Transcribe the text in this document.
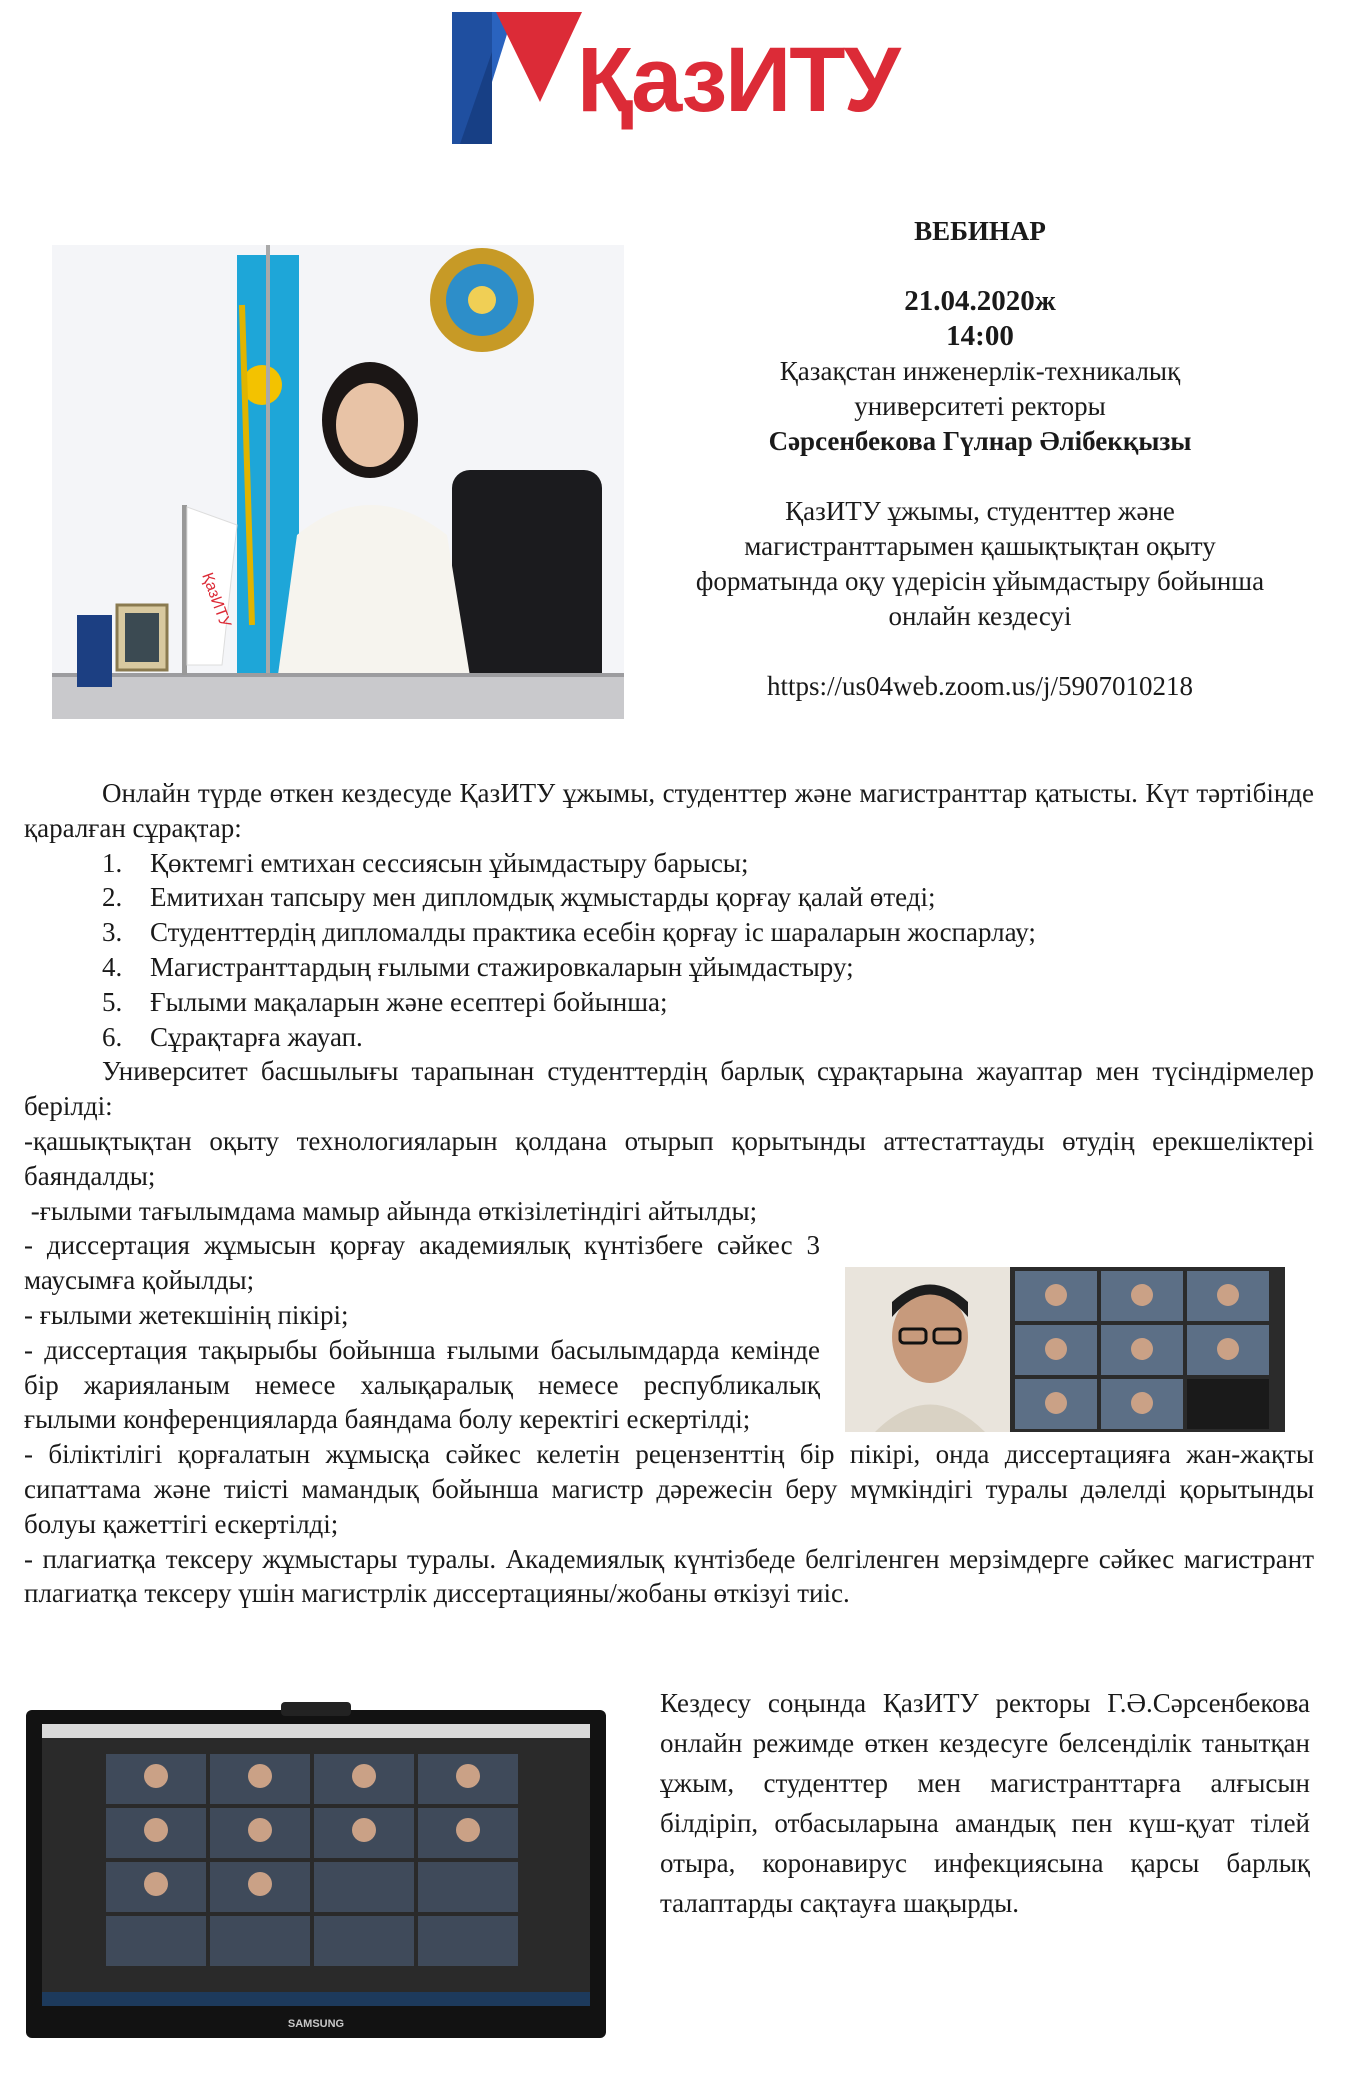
ҚазИТУ
ҚазИТУ
ВЕБИНАР
21.04.2020ж
14:00
Қазақстан инженерлік-техникалық
университеті ректоры
Сәрсенбекова Гүлнар Әлібекқызы
ҚазИТУ ұжымы, студенттер және
магистранттарымен қашықтықтан оқыту
форматында оқу үдерісін ұйымдастыру бойынша
онлайн кездесуі
https://us04web.zoom.us/j/5907010218

Онлайн түрде өткен кездесуде ҚазИТУ ұжымы, студенттер және магистранттар қатысты. Күт тәртібінде қаралған сұрақтар:

1. Қөктемгі емтихан сессиясын ұйымдастыру барысы;
2. Емитихан тапсыру мен дипломдық жұмыстарды қорғау қалай өтеді;
3. Студенттердің дипломалды практика есебін қорғау іс шараларын жоспарлау;
4. Магистранттардың ғылыми стажировкаларын ұйымдастыру;
5. Ғылыми мақаларын және есептері бойынша;
6. Сұрақтарға жауап.

Университет басшылығы тарапынан студенттердің барлық сұрақтарына жауаптар мен түсіндірмелер берілді:

-қашықтықтан оқыту технологияларын қолдана отырып қорытынды аттестаттауды өтудің ерекшеліктері баяндалды;

-ғылыми тағылымдама мамыр айында өткізілетіндігі айтылды;

- диссертация жұмысын қорғау академиялық күнтізбеге сәйкес 3 маусымға қойылды;

- ғылыми жетекшінің пікірі;

- диссертация тақырыбы бойынша ғылыми басылымдарда кемінде бір жарияланым немесе халықаралық немесе республикалық ғылыми конференцияларда баяндама болу керектігі ескертілді;

- біліктілігі қорғалатын жұмысқа сәйкес келетін рецензенттің бір пікірі, онда диссертацияға жан-жақты сипаттама және тиісті мамандық бойынша магистр дәрежесін беру мүмкіндігі туралы дәлелді қорытынды болуы қажеттігі ескертілді;

- плагиатқа тексеру жұмыстары туралы. Академиялық күнтізбеде белгіленген мерзімдерге сәйкес магистрант плагиатқа тексеру үшін магистрлік диссертацияны/жобаны өткізуі тиіс.

SAMSUNG

Кездесу соңында ҚазИТУ ректоры Г.Ә.Сәрсенбекова онлайн режимде өткен кездесуге белсенділік танытқан ұжым, студенттер мен магистранттарға алғысын білдіріп, отбасыларына амандық пен күш-қуат тілей отыра, коронавирус инфекциясына қарсы барлық талаптарды сақтауға шақырды.
